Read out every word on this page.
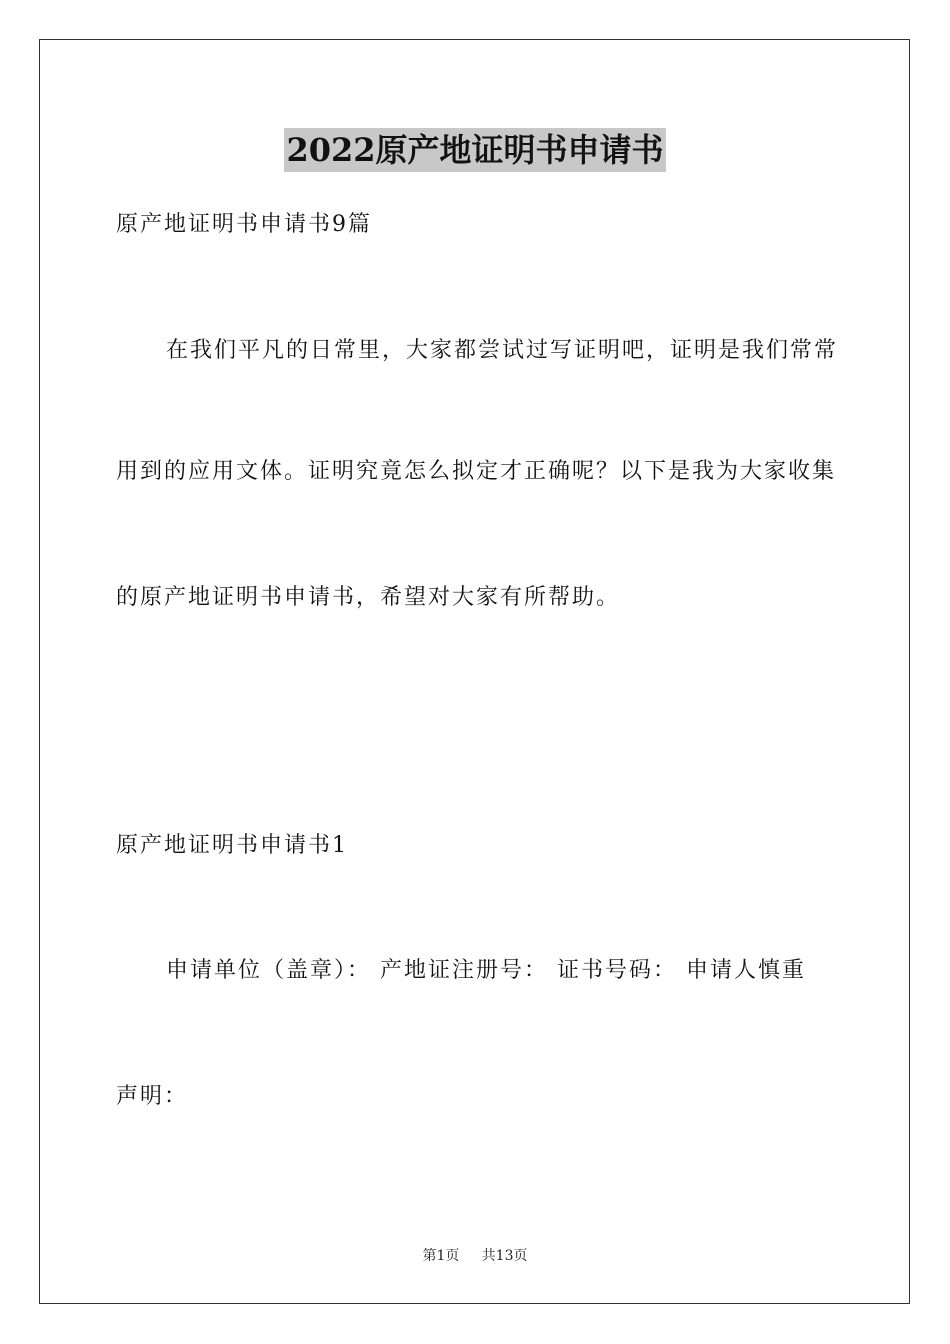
2022原产地证明书申请书
原产地证明书申请书9篇
在我们平凡的日常里，大家都尝试过写证明吧，证明是我们常常
用到的应用文体。证明究竟怎么拟定才正确呢？以下是我为大家收集
的原产地证明书申请书，希望对大家有所帮助。
原产地证明书申请书1
申请单位（盖章）： 产地证注册号： 证书号码： 申请人慎重
声明：
第1页 共13页
